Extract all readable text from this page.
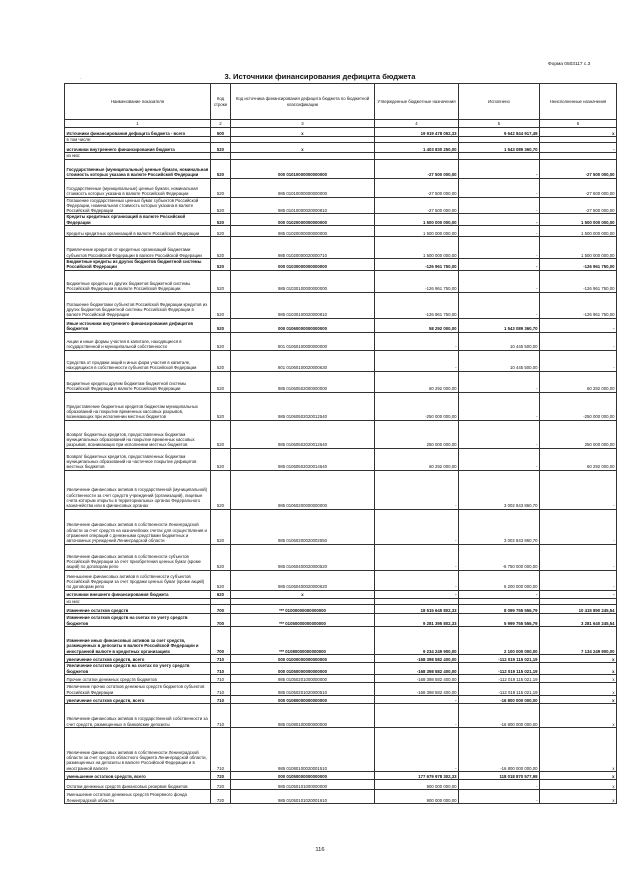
Форма 0503117 с.3
3. Источники финансирования дефицита бюджета
·
Наименование показателя	Код строки	Код источника финансирования дефицита бюджета по бюджетной классификации	Утвержденные бюджетные назначения	Исполнено	Неисполненные назначения
1	2	3	4	5	6
Источники финансирования дефицита бюджета - всего	500	x	19 919 478 052,33	9 642 844 917,49	x
в том числе:					
источники внутреннего финансирования бюджета	520	x	1 403 830 250,00	1 543 089 360,70	-
из них:					
Государственные (муниципальные) ценные бумаги, номинальная стоимость которых указана в валюте Российской Федерации	520	000 01010000000000000	-27 500 000,00	-	-27 500 000,00
Государственные (муниципальные) ценные бумаги, номинальная стоимость которых указана в валюте Российской Федерации	520	985 01010000000000000	-27 500 000,00	-	-27 500 000,00
Погашение государственных ценных бумаг субъектов Российской Федерации, номинальная стоимость которых указана в валюте Российской Федерации	520	985 01010000020000810	-27 500 000,00	-	-27 500 000,00
Кредиты кредитных организаций в валюте Российской Федерации	520	000 01020000000000000	1 500 000 000,00	-	1 500 000 000,00
Кредиты кредитных организаций в валюте Российской Федерации	520	985 01020000000000000	1 500 000 000,00	-	1 500 000 000,00
Привлечение кредитов от кредитных организаций бюджетами субъектов Российской Федерации в валюте Российской Федерации	520	985 01020000020000710	1 500 000 000,00	-	1 500 000 000,00
Бюджетные кредиты из других бюджетов бюджетной системы Российской Федерации	520	000 01030000000000000	-126 961 750,00	-	-126 961 750,00
Бюджетные кредиты из других бюджетов бюджетной системы Российской Федерации в валюте Российской Федерации	520	985 01030100000000000	-126 961 750,00	-	-126 961 750,00
Погашение бюджетами субъектов Российской Федерации кредитов из других бюджетов бюджетной системы Российской Федерации в валюте Российской Федерации	520	985 01030100020000810	-126 961 750,00	-	-126 961 750,00
Иные источники внутреннего финансирования дефицитов бюджетов	520	000 01060000000000000	58 292 000,00	1 543 089 360,70	-
Акции и иные формы участия в капитале, находящиеся в государственной и муниципальной собственности	520	801 01060100000000000	-	10 445 500,00	-
Средства от продажи акций и иных форм участия в капитале, находящихся в собственности субъектов Российской Федерации	520	801 01060100020000630	-	10 445 500,00	-
Бюджетные кредиты другим бюджетам бюджетной системы Российской Федерации в валюте Российской Федерации	520	985 01060502000000000	60 292 000,00	-	60 292 000,00
Предоставление бюджетных кредитов бюджетам муниципальных образований на покрытие временных кассовых разрывов, возникающих при исполнении местных бюджетов	520	985 01060502020012540	-250 000 000,00	-	-250 000 000,00
Возврат бюджетных кредитов, предоставленных бюджетам муниципальных образований на покрытие временных кассовых разрывов, возникающих при исполнении местных бюджетов	520	985 01060502020012640	250 000 000,00	-	250 000 000,00
Возврат бюджетных кредитов, предоставленных бюджетам муниципальных образований на частичное покрытие дефицитов местных бюджетов	520	985 01060502020014640	60 292 000,00	-	60 292 000,00
Увеличение финансовых активов в государственной (муниципальной) собственности за счет средств учреждений (организаций), лицевые счета которым открыты в территориальных органах Федерального казначейства или в финансовых органах	520	985 01060200000000000	-	3 002 843 860,70	-
Увеличение финансовых активов в собственности Ленинградской области за счет средств на казначейских счетах для осуществления и отражения операций с денежными средствами бюджетных и автономных учреждений Ленинградской области	520	985 01060200020002550	-	3 002 843 860,70	-
Увеличение финансовых активов в собственности субъектов Российской Федерации за счет приобретения ценных бумаг (кроме акций) по договорам репо	520	985 01060400020000520	-	-6 750 000 000,00	-
Уменьшение финансовых активов в собственности субъектов Российской Федерации за счет продажи ценных бумаг (кроме акций) по договорам репо	520	985 01060400020000620	-	5 200 000 000,00	-
источники внешнего финансирования бюджета	620	x	-	-	-
из них:					
Изменение остатков средств	700	*** 01000000000000000	18 515 645 802,33	8 099 755 556,79	10 415 890 245,54
Изменение остатков средств на счетах по учету средств бюджетов	700	*** 01050000000000000	9 281 395 802,33	5 999 755 556,79	3 281 640 245,54
Изменение иных финансовых активов за счет средств, размещенных в депозиты в валюте Российской Федерации и иностранной валюте в кредитных организациях	700	*** 01080000000000000	9 234 249 900,00	2 100 000 000,00	7 134 249 900,00
увеличение остатков средств, всего	710	000 01000000000000000	-168 398 582 400,00	-112 019 115 021,19	x
Увеличение остатков средств на счетах по учету средств бюджетов	710	000 01050000000000000	-168 398 582 400,00	-112 019 115 021,19	x
Прочие остатки денежных средств бюджетов	710	985 01050201000000000	-168 398 582 400,00	-112 019 115 021,19	x
Увеличение прочих остатков денежных средств бюджетов субъектов Российской Федерации	710	985 01050201020000510	-168 398 582 400,00	-112 019 115 021,19	x
увеличение остатков средств, всего	710	000 01080000000000000	-	-16 800 000 000,00	x
Увеличение финансовых активов в государственной собственности за счет средств, размещенных в банковские депозиты	710	985 01080100000000000	-	-16 800 000 000,00	x
Увеличение финансовых активов в собственности Ленинградской области за счет средств областного бюджета Ленинградской области, размещенных на депозиты в валюте Российской Федерации и в иностранной валюте	710	985 01080100020001510	-	-16 800 000 000,00	x
уменьшение остатков средств, всего	720	000 01050000000000000	177 679 978 302,33	118 018 870 577,98	x
Остатки денежных средств финансовых резервов бюджетов	720	985 01050101000000000	900 000 000,00	-	x
Уменьшение остатков денежных средств Резервного фонда Ленинградской области	720	985 01050101020001610	900 000 000,00	-	x
116
